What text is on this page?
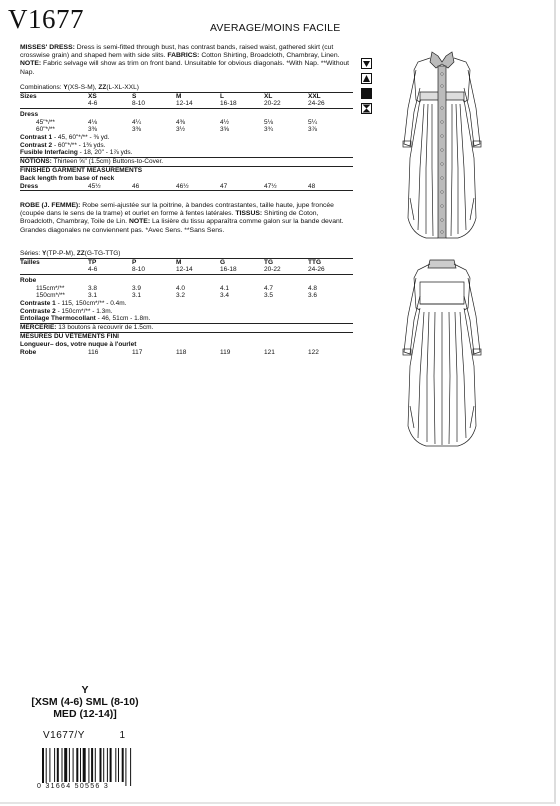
V1677	AVERAGE/MOINS FACILE
MISSES' DRESS: Dress is semi-fitted through bust, has contrast bands, raised waist, gathered skirt (cut crosswise grain) and shaped hem with side slits. FABRICS: Cotton Shirting, Broadcloth, Chambray, Linen. NOTE: Fabric selvage will show as trim on front band. Unsuitable for obvious diagonals. *With Nap. **Without Nap.
Combinations: Y(XS-S-M), ZZ(L-XL-XXL)
Sizes	XS	S	M	L	XL	XXL
	4-6	8-10	12-14	16-18	20-22	24-26
Dress						
45"*/**	4⅛	4¼	4⅜	4½	5⅛	5¼
60"*/**	3⅜	3⅜	3½	3⅝	3¾	3⅞
Contrast 1 - 45, 60"*/** - ⅜ yd.
Contrast 2 - 60"*/** - 1⅜ yds.
Fusible Interfacing - 18, 20" - 1⅞ yds.
NOTIONS: Thirteen ⅝" (1.5cm) Buttons-to-Cover.
FINISHED GARMENT MEASUREMENTS
Back length from base of neck
Dress	45½	46	46½	47	47½	48
ROBE (J. FEMME): Robe semi-ajustée sur la poitrine, à bandes contrastantes, taille haute, jupe froncée (coupée dans le sens de la trame) et ourlet en forme à fentes latérales. TISSUS: Shirting de Coton, Broadcloth, Chambray, Toile de Lin. NOTE: La lisière du tissu apparaîtra comme galon sur la bande devant. Grandes diagonales ne conviennent pas. *Avec Sens. **Sans Sens.
Séries: Y(TP-P-M), ZZ(G-TG-TTG)
Tailles	TP	P	M	G	TG	TTG
	4-6	8-10	12-14	16-18	20-22	24-26
Robe						
115cm*/**	3.8	3.9	4.0	4.1	4.7	4.8
150cm*/**	3.1	3.1	3.2	3.4	3.5	3.6
Contraste 1 - 115, 150cm*/** - 0.4m.
Contraste 2 - 150cm*/** - 1.3m.
Entoilage Thermocollant - 46, 51cm - 1.8m.
MERCERIE: 13 boutons à recouvrir de 1.5cm.
MESURES DU VÊTEMENTS FINI
Longueur– dos, votre nuque à l'ourlet
Robe	116	117	118	119	121	122
Y
[XSM (4-6) SML (8-10)
MED (12-14)]
V1677/Y	1
0 31664 50556 3
